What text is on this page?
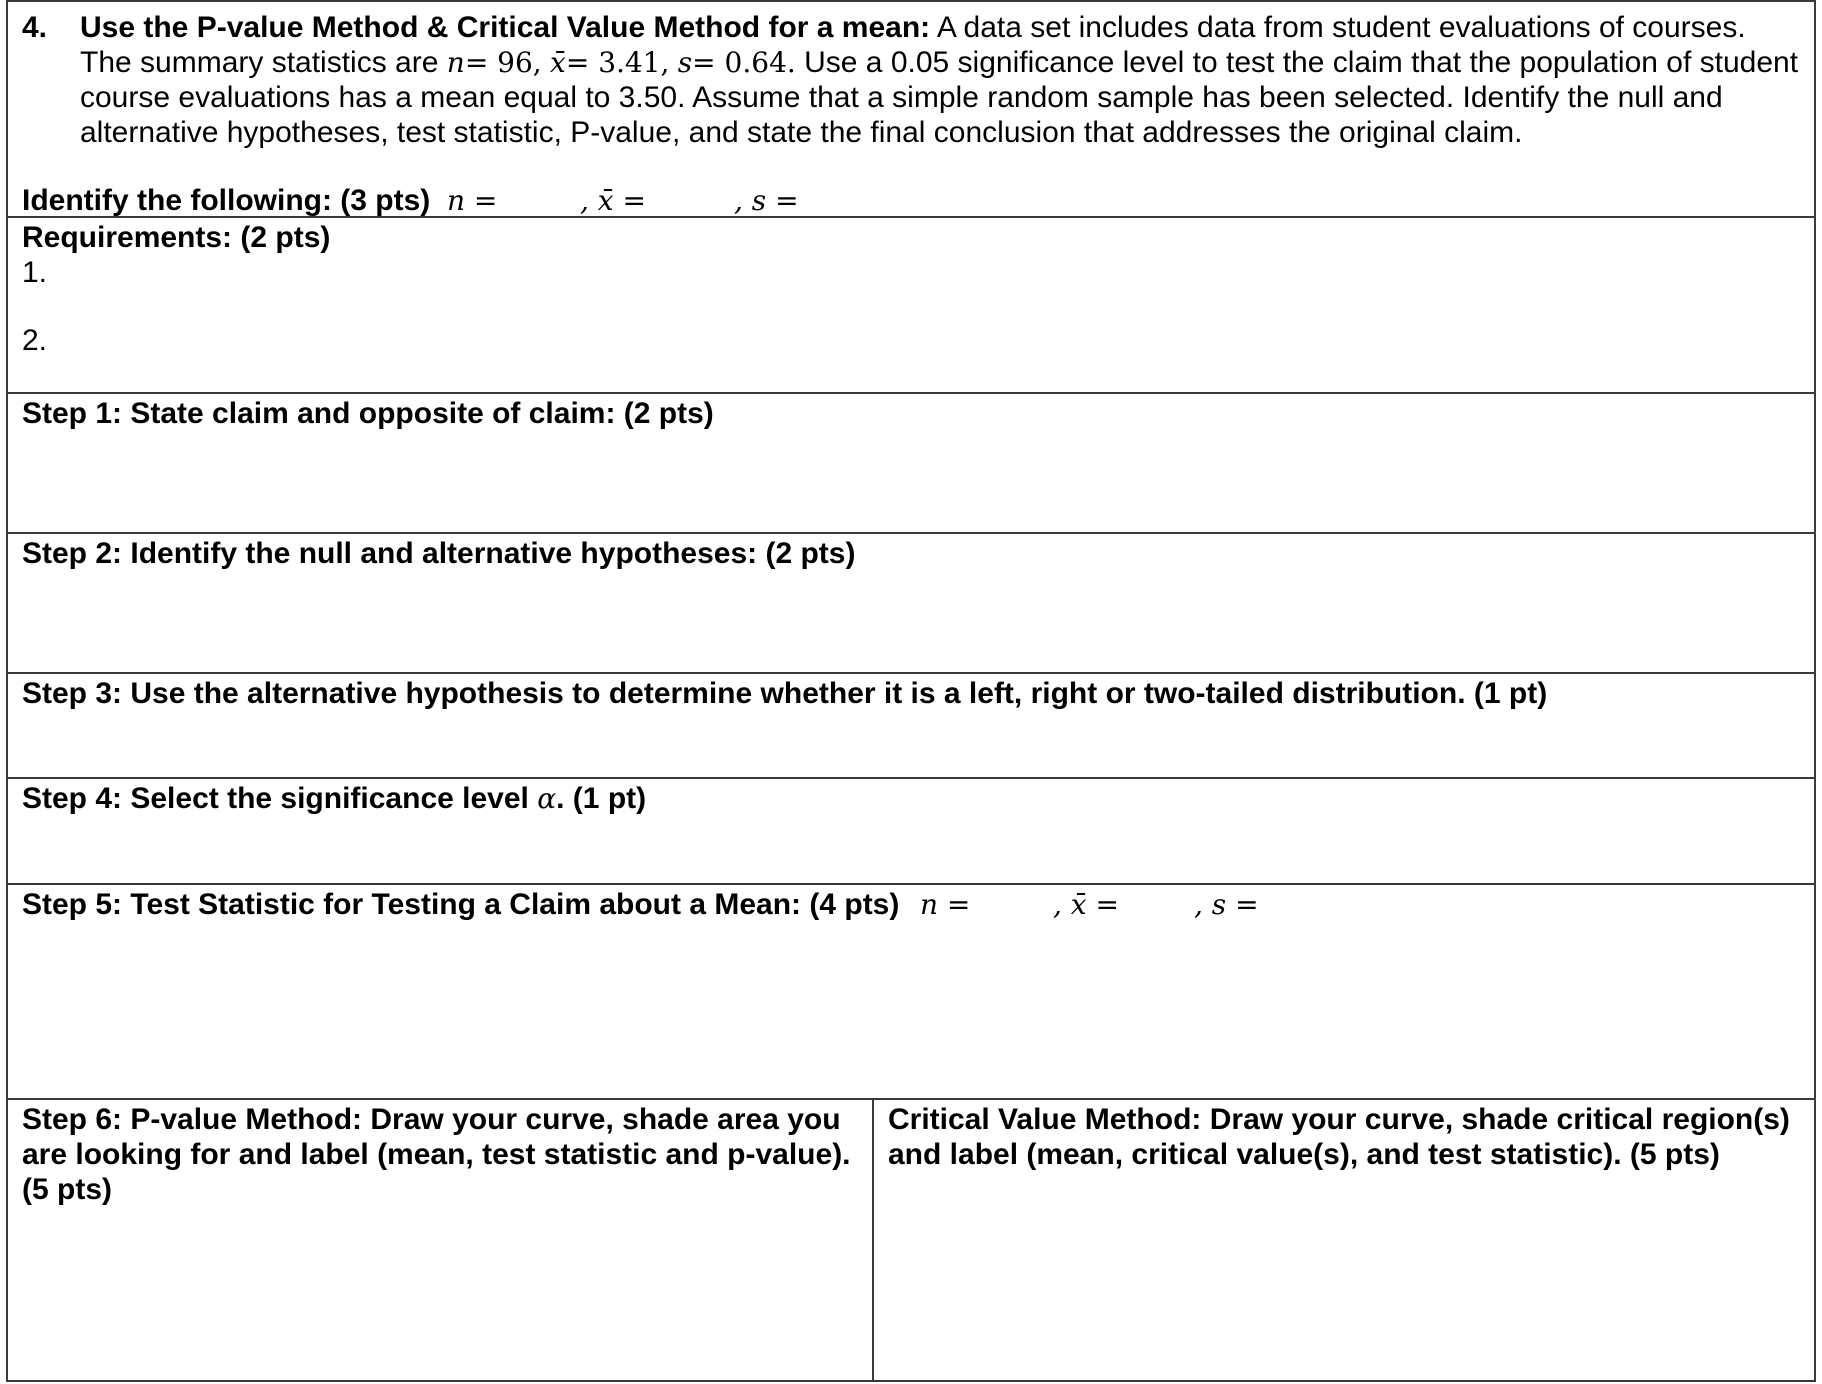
4. Use the P-value Method & Critical Value Method for a mean: A data set includes data from student evaluations of courses.
The summary statistics are n= 96, x̄= 3.41, s= 0.64. Use a 0.05 significance level to test the claim that the population of student
course evaluations has a mean equal to 3.50. Assume that a simple random sample has been selected. Identify the null and
alternative hypotheses, test statistic, P-value, and state the final conclusion that addresses the original claim.
Identify the following: (3 pts) n =	, x̄ =	, s =
Requirements: (2 pts)
1.
2.
Step 1: State claim and opposite of claim: (2 pts)
Step 2: Identify the null and alternative hypotheses: (2 pts)
Step 3: Use the alternative hypothesis to determine whether it is a left, right or two-tailed distribution. (1 pt)
Step 4: Select the significance level α. (1 pt)
Step 5: Test Statistic for Testing a Claim about a Mean: (4 pts) n =	, x̄ =	, s =
Step 6: P-value Method: Draw your curve, shade area you
are looking for and label (mean, test statistic and p-value).
(5 pts)
Critical Value Method: Draw your curve, shade critical region(s)
and label (mean, critical value(s), and test statistic). (5 pts)
